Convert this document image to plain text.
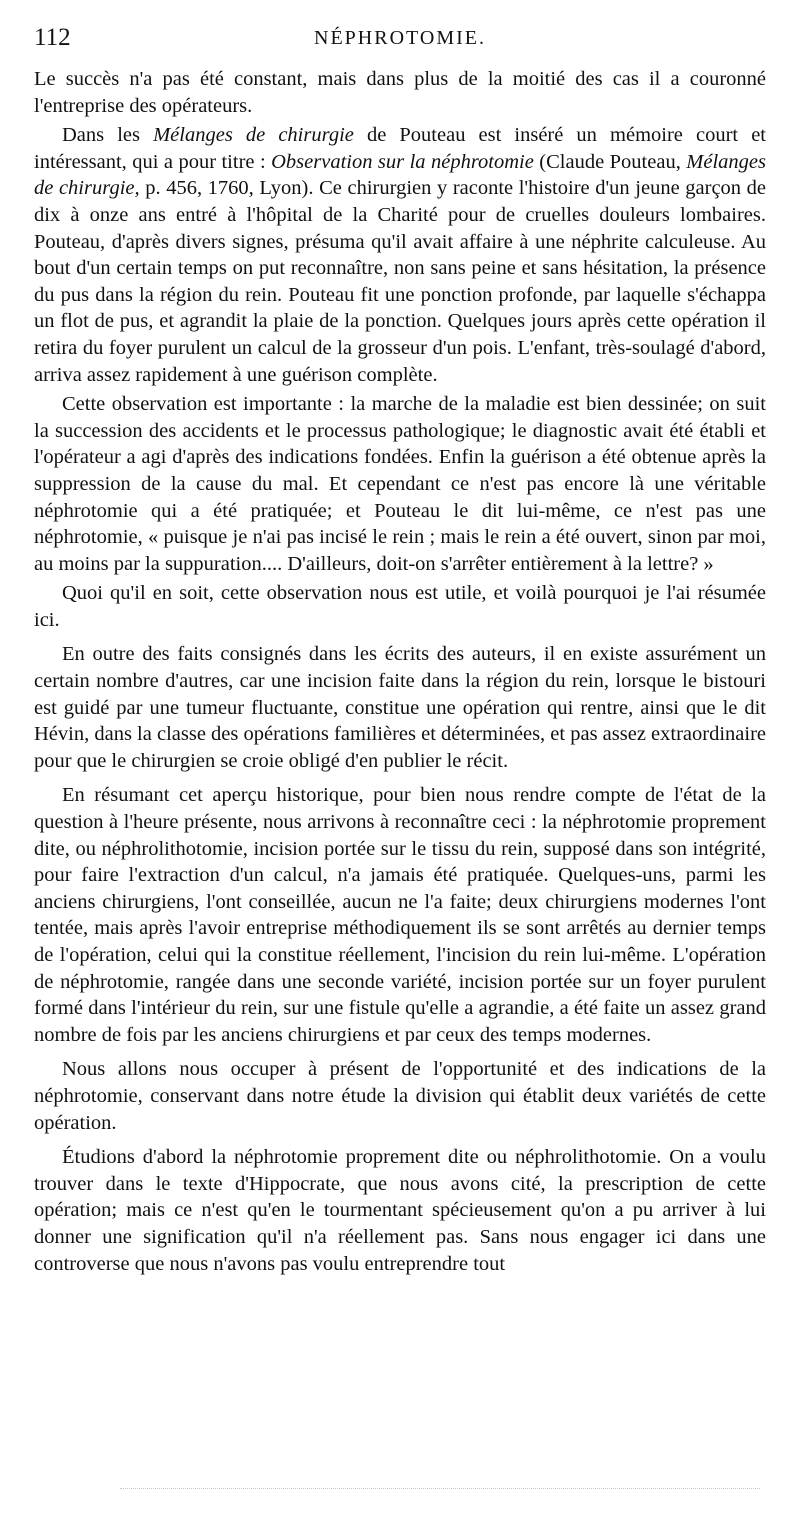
112	NÉPHROTOMIE.

Le succès n'a pas été constant, mais dans plus de la moitié des cas il a couronné l'entreprise des opérateurs.

Dans les Mélanges de chirurgie de Pouteau est inséré un mémoire court et intéressant, qui a pour titre : Observation sur la néphrotomie (Claude Pouteau, Mélanges de chirurgie, p. 456, 1760, Lyon). Ce chirurgien y raconte l'histoire d'un jeune garçon de dix à onze ans entré à l'hôpital de la Charité pour de cruelles douleurs lombaires. Pouteau, d'après divers signes, présuma qu'il avait affaire à une néphrite calculeuse. Au bout d'un certain temps on put reconnaître, non sans peine et sans hésitation, la présence du pus dans la région du rein. Pouteau fit une ponction profonde, par laquelle s'échappa un flot de pus, et agrandit la plaie de la ponction. Quelques jours après cette opération il retira du foyer purulent un calcul de la grosseur d'un pois. L'enfant, très-soulagé d'abord, arriva assez rapidement à une guérison complète.

Cette observation est importante : la marche de la maladie est bien dessinée; on suit la succession des accidents et le processus pathologique; le diagnostic avait été établi et l'opérateur a agi d'après des indications fondées. Enfin la guérison a été obtenue après la suppression de la cause du mal. Et cependant ce n'est pas encore là une véritable néphrotomie qui a été pratiquée; et Pouteau le dit lui-même, ce n'est pas une néphrotomie, « puisque je n'ai pas incisé le rein ; mais le rein a été ouvert, sinon par moi, au moins par la suppuration.... D'ailleurs, doit-on s'arrêter entièrement à la lettre? »

Quoi qu'il en soit, cette observation nous est utile, et voilà pourquoi je l'ai résumée ici.

En outre des faits consignés dans les écrits des auteurs, il en existe assurément un certain nombre d'autres, car une incision faite dans la région du rein, lorsque le bistouri est guidé par une tumeur fluctuante, constitue une opération qui rentre, ainsi que le dit Hévin, dans la classe des opérations familières et déterminées, et pas assez extraordinaire pour que le chirurgien se croie obligé d'en publier le récit.

En résumant cet aperçu historique, pour bien nous rendre compte de l'état de la question à l'heure présente, nous arrivons à reconnaître ceci : la néphrotomie proprement dite, ou néphrolithotomie, incision portée sur le tissu du rein, supposé dans son intégrité, pour faire l'extraction d'un calcul, n'a jamais été pratiquée. Quelques-uns, parmi les anciens chirurgiens, l'ont conseillée, aucun ne l'a faite; deux chirurgiens modernes l'ont tentée, mais après l'avoir entreprise méthodiquement ils se sont arrêtés au dernier temps de l'opération, celui qui la constitue réellement, l'incision du rein lui-même. L'opération de néphrotomie, rangée dans une seconde variété, incision portée sur un foyer purulent formé dans l'intérieur du rein, sur une fistule qu'elle a agrandie, a été faite un assez grand nombre de fois par les anciens chirurgiens et par ceux des temps modernes.

Nous allons nous occuper à présent de l'opportunité et des indications de la néphrotomie, conservant dans notre étude la division qui établit deux variétés de cette opération.

Étudions d'abord la néphrotomie proprement dite ou néphrolithotomie. On a voulu trouver dans le texte d'Hippocrate, que nous avons cité, la prescription de cette opération; mais ce n'est qu'en le tourmentant spécieusement qu'on a pu arriver à lui donner une signification qu'il n'a réellement pas. Sans nous engager ici dans une controverse que nous n'avons pas voulu entreprendre tout
